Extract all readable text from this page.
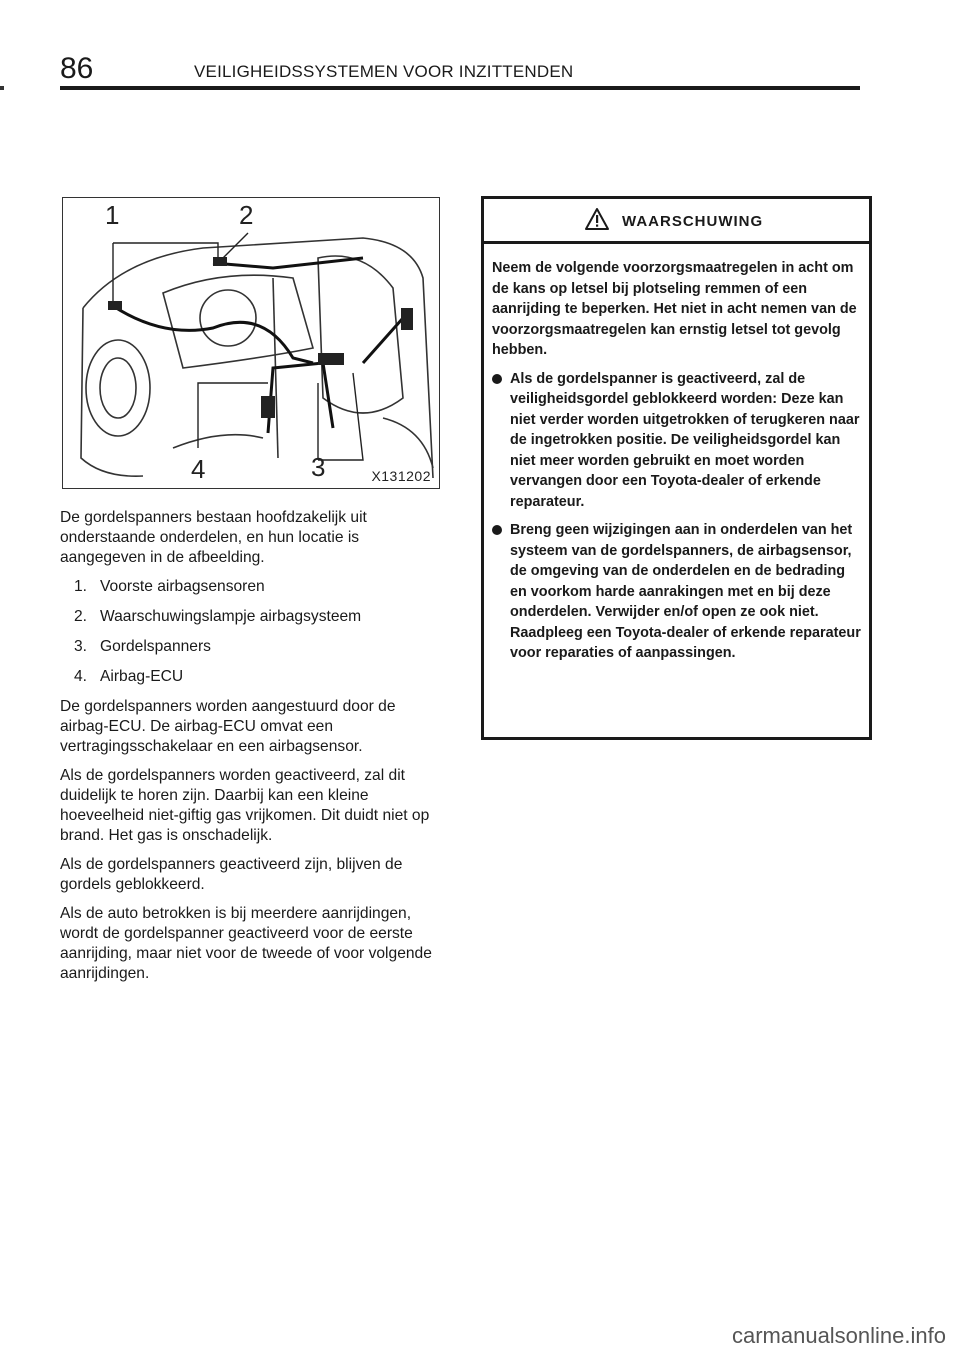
86	VEILIGHEIDSSYSTEMEN VOOR INZITTENDEN
1	2
3
4	X131202

De gordelspanners bestaan hoofdzakelijk uit onderstaande onderdelen, en hun locatie is aangegeven in de afbeelding.

1. Voorste airbagsensoren
2. Waarschuwingslampje airbagsysteem
3. Gordelspanners
4. Airbag‑ECU

De gordelspanners worden aangestuurd door de airbag‑ECU. De airbag‑ECU omvat een vertragingsschakelaar en een airbagsensor.

Als de gordelspanners worden geactiveerd, zal dit duidelijk te horen zijn. Daarbij kan een kleine hoeveelheid niet‑giftig gas vrijkomen. Dit duidt niet op brand. Het gas is onschadelijk.

Als de gordelspanners geactiveerd zijn, blijven de gordels geblokkeerd.

Als de auto betrokken is bij meerdere aanrijdingen, wordt de gordelspanner geactiveerd voor de eerste aanrijding, maar niet voor de tweede of voor volgende aanrijdingen.

WAARSCHUWING

Neem de volgende voorzorgsmaatregelen in acht om de kans op letsel bij plotseling remmen of een aanrijding te beperken. Het niet in acht nemen van de voorzorgsmaatregelen kan ernstig letsel tot gevolg hebben.

Als de gordelspanner is geactiveerd, zal de veiligheidsgordel geblokkeerd worden: Deze kan niet verder worden uitgetrokken of terugkeren naar de ingetrokken positie. De veiligheidsgordel kan niet meer worden gebruikt en moet worden vervangen door een Toyota‑dealer of erkende reparateur.
Breng geen wijzigingen aan in onderdelen van het systeem van de gordelspanners, de airbagsensor, de omgeving van de onderdelen en de bedrading en voorkom harde aanrakingen met en bij deze onderdelen. Verwijder en/of open ze ook niet. Raadpleeg een Toyota‑dealer of erkende reparateur voor reparaties of aanpassingen.
carmanualsonline.info
